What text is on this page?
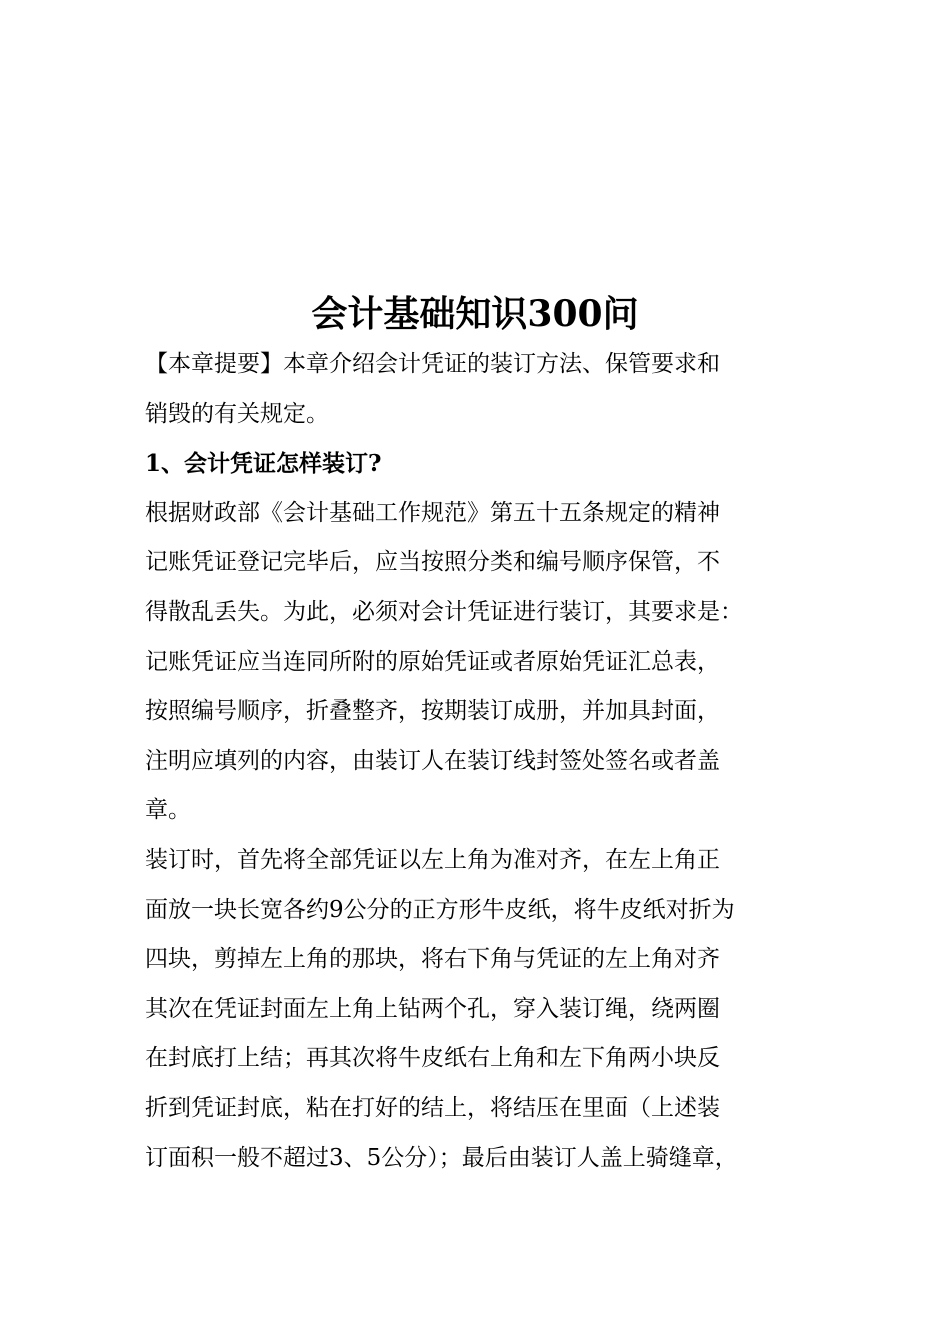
会计基础知识300问
【本章提要】本章介绍会计凭证的装订方法、保管要求和
销毁的有关规定。
1、会计凭证怎样装订?
根据财政部《会计基础工作规范》第五十五条规定的精神
记账凭证登记完毕后，应当按照分类和编号顺序保管，不
得散乱丢失。为此，必须对会计凭证进行装订，其要求是：
记账凭证应当连同所附的原始凭证或者原始凭证汇总表，
按照编号顺序，折叠整齐，按期装订成册，并加具封面，
注明应填列的内容，由装订人在装订线封签处签名或者盖
章。
装订时，首先将全部凭证以左上角为准对齐，在左上角正
面放一块长宽各约9公分的正方形牛皮纸，将牛皮纸对折为
四块，剪掉左上角的那块，将右下角与凭证的左上角对齐
其次在凭证封面左上角上钻两个孔，穿入装订绳，绕两圈
在封底打上结；再其次将牛皮纸右上角和左下角两小块反
折到凭证封底，粘在打好的结上，将结压在里面（上述装
订面积一般不超过3、5公分）；最后由装订人盖上骑缝章，
